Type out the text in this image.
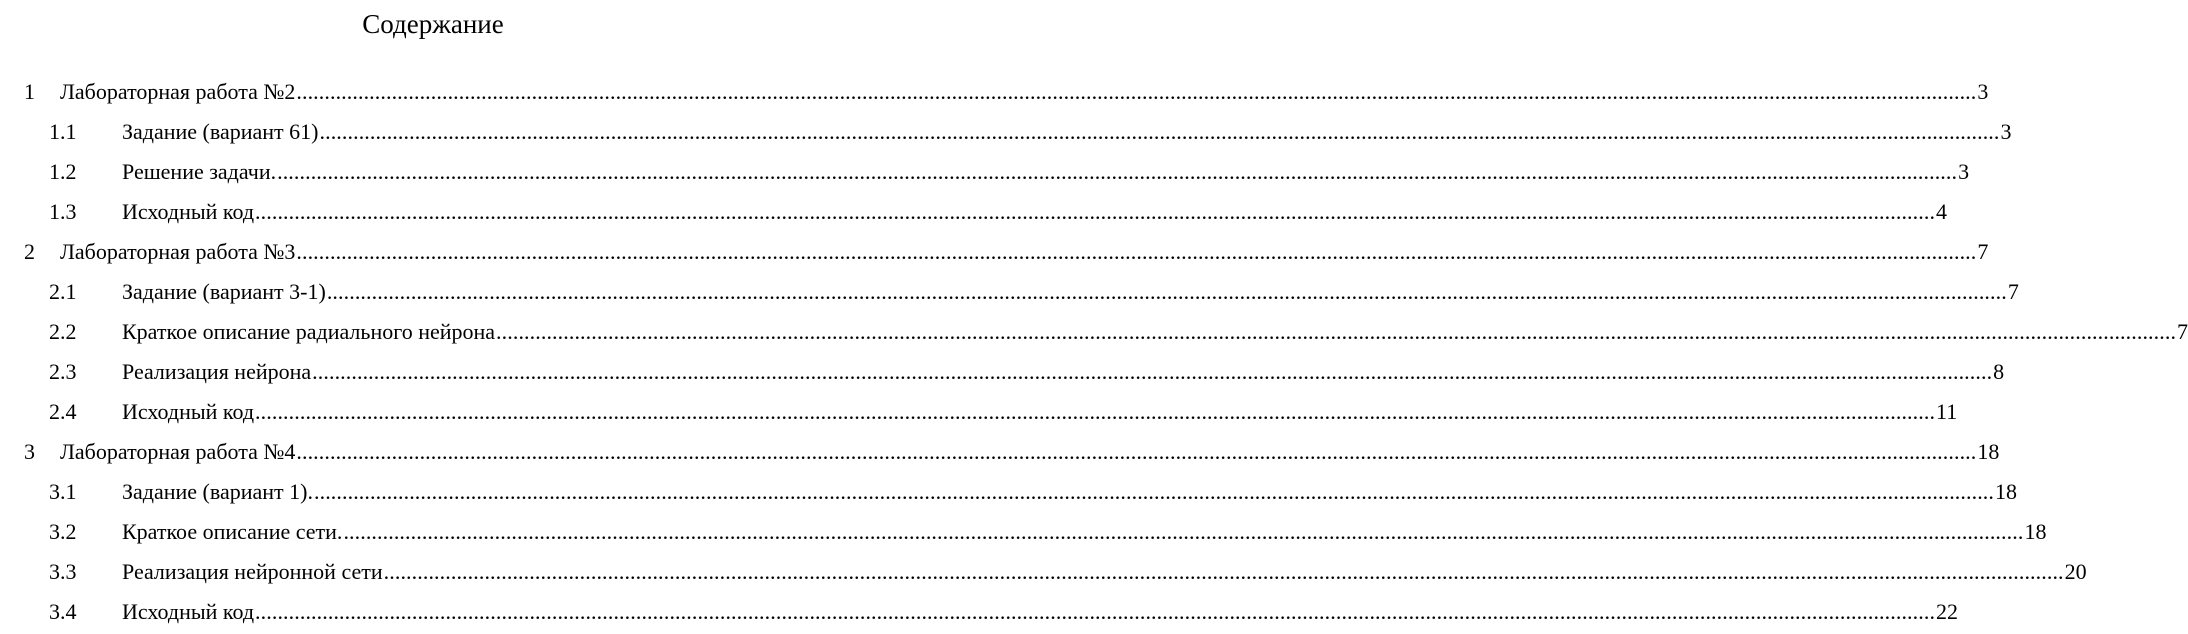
Содержание
1 Лабораторная работа №2 ............................................................................................................................................................................................................................................................................................................ 3
1.1 Задание (вариант 61) ............................................................................................................................................................................................................................................................................................................ 3
1.2 Решение задачи. ............................................................................................................................................................................................................................................................................................................ 3
1.3 Исходный код ............................................................................................................................................................................................................................................................................................................ 4
2 Лабораторная работа №3 ............................................................................................................................................................................................................................................................................................................ 7
2.1 Задание (вариант 3-1) ............................................................................................................................................................................................................................................................................................................ 7
2.2 Краткое описание радиального нейрона ............................................................................................................................................................................................................................................................................................................ 7
2.3 Реализация нейрона ............................................................................................................................................................................................................................................................................................................ 8
2.4 Исходный код ............................................................................................................................................................................................................................................................................................................ 11
3 Лабораторная работа №4 ............................................................................................................................................................................................................................................................................................................ 18
3.1 Задание (вариант 1). ............................................................................................................................................................................................................................................................................................................ 18
3.2 Краткое описание сети. ............................................................................................................................................................................................................................................................................................................ 18
3.3 Реализация нейронной сети ............................................................................................................................................................................................................................................................................................................ 20
3.4 Исходный код ............................................................................................................................................................................................................................................................................................................ 22
